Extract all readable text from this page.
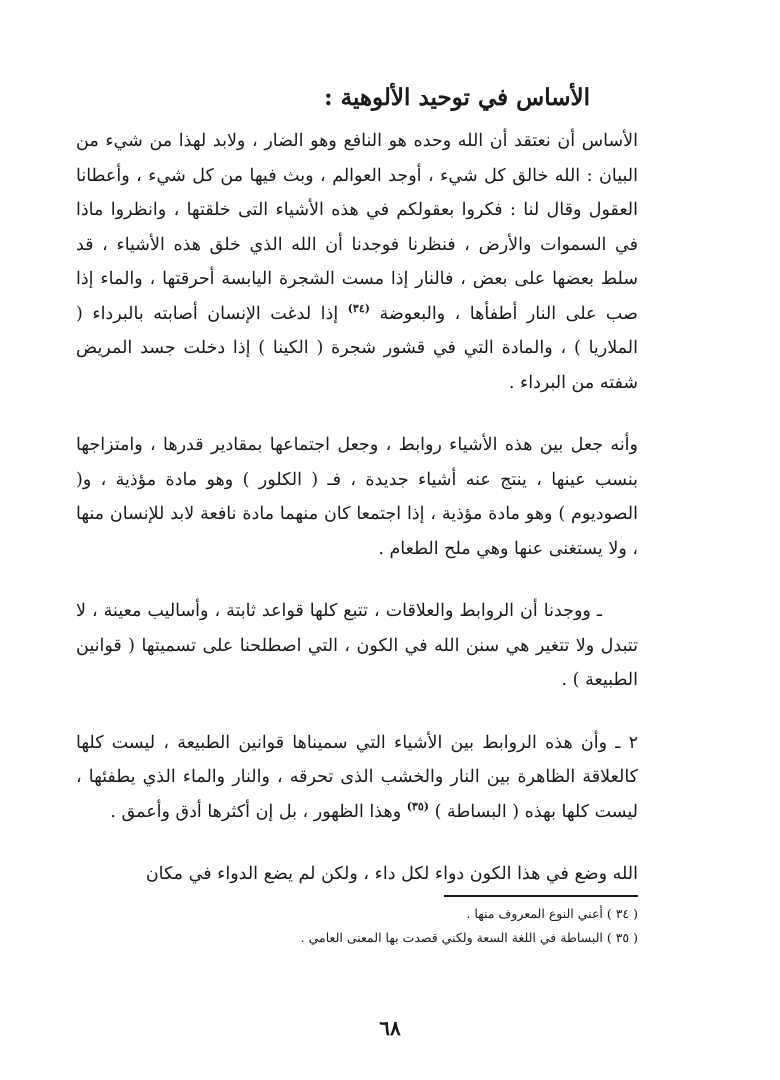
الأساس في توحيد الألوهية :

الأساس أن نعتقد أن الله وحده هو النافع وهو الضار ، ولابد لهذا من شيء من البيان : الله خالق كل شيء ، أوجد العوالم ، وبث فيها من كل شيء ، وأعطانا العقول وقال لنا : فكروا بعقولكم في هذه الأشياء التى خلقتها ، وانظروا ماذا في السموات والأرض ، فنظرنا فوجدنا أن الله الذي خلق هذه الأشياء ، قد سلط بعضها على بعض ، فالنار إذا مست الشجرة اليابسة أحرقتها ، والماء إذا صب على النار أطفأها ، والبعوضة $^{(٣٤)}$ إذا لدغت الإنسان أصابته بالبرداء ( الملاريا ) ، والمادة التي في قشور شجرة ( الكينا ) إذا دخلت جسد المريض شفته من البرداء .

وأنه جعل بين هذه الأشياء روابط ، وجعل اجتماعها بمقادير قدرها ، وامتزاجها بنسب عينها ، ينتج عنه أشياء جديدة ، فـ ( الكلور ) وهو مادة مؤذية ، و( الصوديوم ) وهو مادة مؤذية ، إذا اجتمعا كان منهما مادة نافعة لابد للإنسان منها ، ولا يستغنى عنها وهي ملح الطعام .

ـ ووجدنا أن الروابط والعلاقات ، تتبع كلها قواعد ثابتة ، وأساليب معينة ، لا تتبدل ولا تتغير هي سنن الله في الكون ، التي اصطلحنا على تسميتها ( قوانين الطبيعة ) .

٢ ـ وأن هذه الروابط بين الأشياء التي سميناها قوانين الطبيعة ، ليست كلها كالعلاقة الظاهرة بين النار والخشب الذى تحرقه ، والنار والماء الذي يطفئها ، ليست كلها بهذه ( البساطة ) $^{(٣٥)}$ وهذا الظهور ، بل إن أكثرها أدق وأعمق .

الله وضع في هذا الكون دواء لكل داء ، ولكن لم يضع الدواء في مكان

( ٣٤ ) أعني النوع المعروف منها .
( ٣٥ ) البساطة في اللغة السعة ولكني قصدت بها المعنى العامي .
٦٨
